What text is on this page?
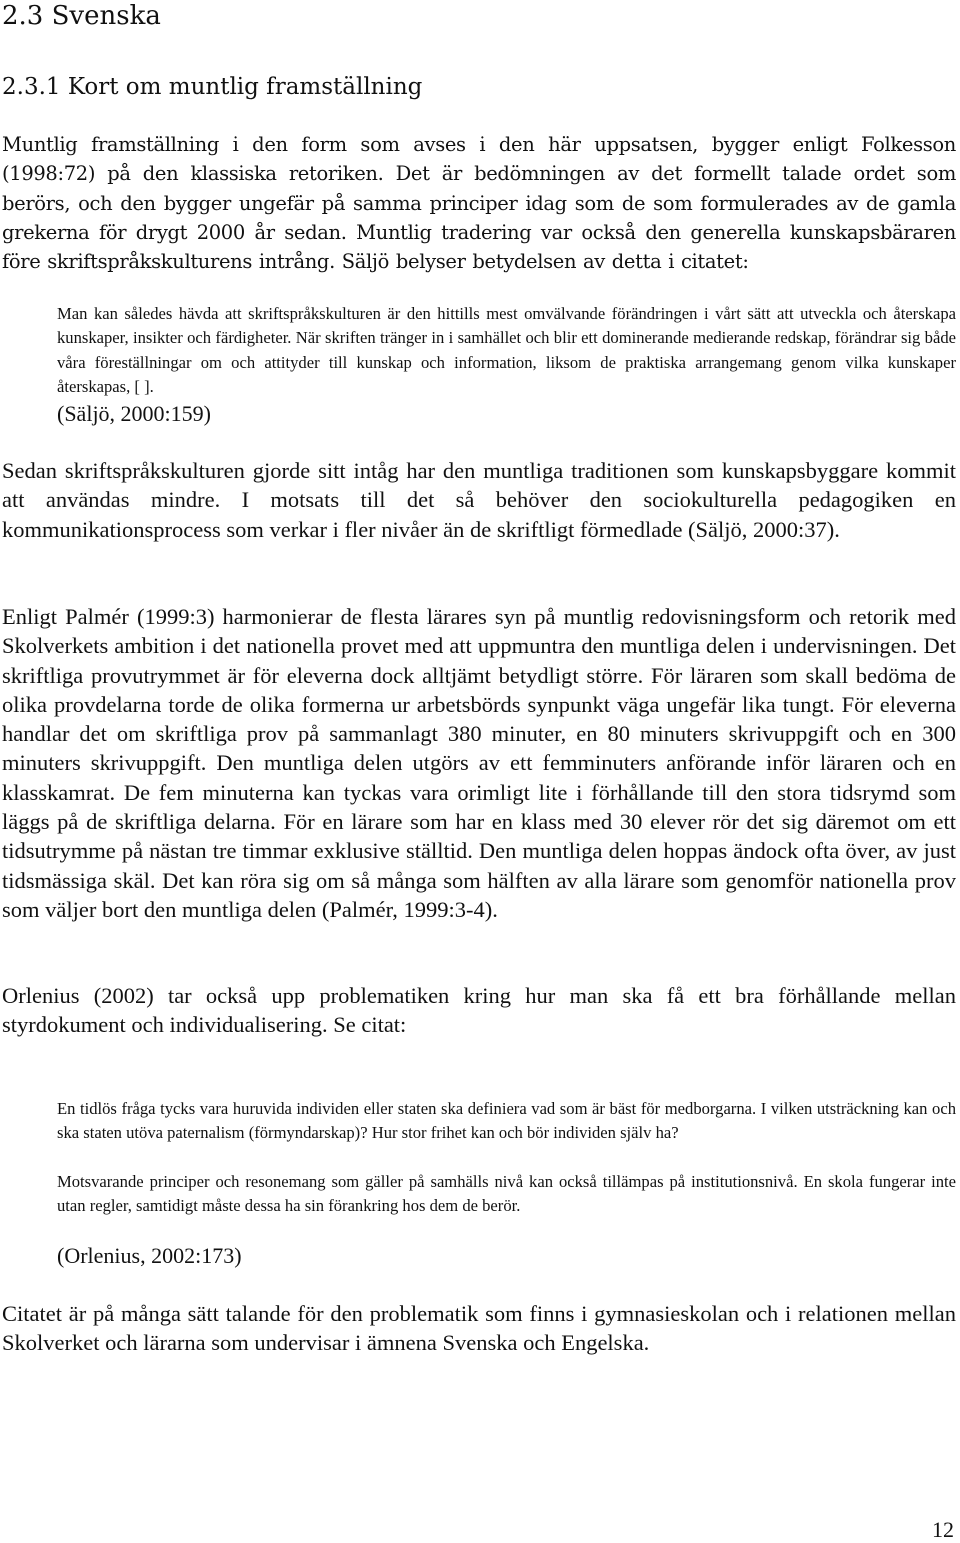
2.3 Svenska
2.3.1 Kort om muntlig framställning

Muntlig framställning i den form som avses i den här uppsatsen, bygger enligt Folkesson (1998:72) på den klassiska retoriken. Det är bedömningen av det formellt talade ordet som berörs, och den bygger ungefär på samma principer idag som de som formulerades av de gamla grekerna för drygt 2000 år sedan. Muntlig tradering var också den generella kunskapsbäraren före skriftspråkskulturens intrång. Säljö belyser betydelsen av detta i citatet:

Man kan således hävda att skriftspråkskulturen är den hittills mest omvälvande förändringen i vårt sätt att utveckla och återskapa kunskaper, insikter och färdigheter. När skriften tränger in i samhället och blir ett dominerande medierande redskap, förändrar sig både våra föreställningar om och attityder till kunskap och information, liksom de praktiska arrangemang genom vilka kunskaper återskapas, [ ].

(Säljö, 2000:159)

Sedan skriftspråkskulturen gjorde sitt intåg har den muntliga traditionen som kunskapsbyggare kommit att användas mindre. I motsats till det så behöver den sociokulturella pedagogiken en kommunikationsprocess som verkar i fler nivåer än de skriftligt förmedlade (Säljö, 2000:37).

Enligt Palmér (1999:3) harmonierar de flesta lärares syn på muntlig redovisningsform och retorik med Skolverkets ambition i det nationella provet med att uppmuntra den muntliga delen i undervisningen. Det skriftliga provutrymmet är för eleverna dock alltjämt betydligt större. För läraren som skall bedöma de olika provdelarna torde de olika formerna ur arbetsbörds synpunkt väga ungefär lika tungt. För eleverna handlar det om skriftliga prov på sammanlagt 380 minuter, en 80 minuters skrivuppgift och en 300 minuters skrivuppgift. Den muntliga delen utgörs av ett femminuters anförande inför läraren och en klasskamrat. De fem minuterna kan tyckas vara orimligt lite i förhållande till den stora tidsrymd som läggs på de skriftliga delarna. För en lärare som har en klass med 30 elever rör det sig däremot om ett tidsutrymme på nästan tre timmar exklusive ställtid. Den muntliga delen hoppas ändock ofta över, av just tidsmässiga skäl. Det kan röra sig om så många som hälften av alla lärare som genomför nationella prov som väljer bort den muntliga delen (Palmér, 1999:3-4).

Orlenius (2002) tar också upp problematiken kring hur man ska få ett bra förhållande mellan styrdokument och individualisering. Se citat:

En tidlös fråga tycks vara huruvida individen eller staten ska definiera vad som är bäst för medborgarna. I vilken utsträckning kan och ska staten utöva paternalism (förmyndarskap)? Hur stor frihet kan och bör individen själv ha?

Motsvarande principer och resonemang som gäller på samhälls nivå kan också tillämpas på institutionsnivå. En skola fungerar inte utan regler, samtidigt måste dessa ha sin förankring hos dem de berör.

(Orlenius, 2002:173)

Citatet är på många sätt talande för den problematik som finns i gymnasieskolan och i relationen mellan Skolverket och lärarna som undervisar i ämnena Svenska och Engelska.

12
